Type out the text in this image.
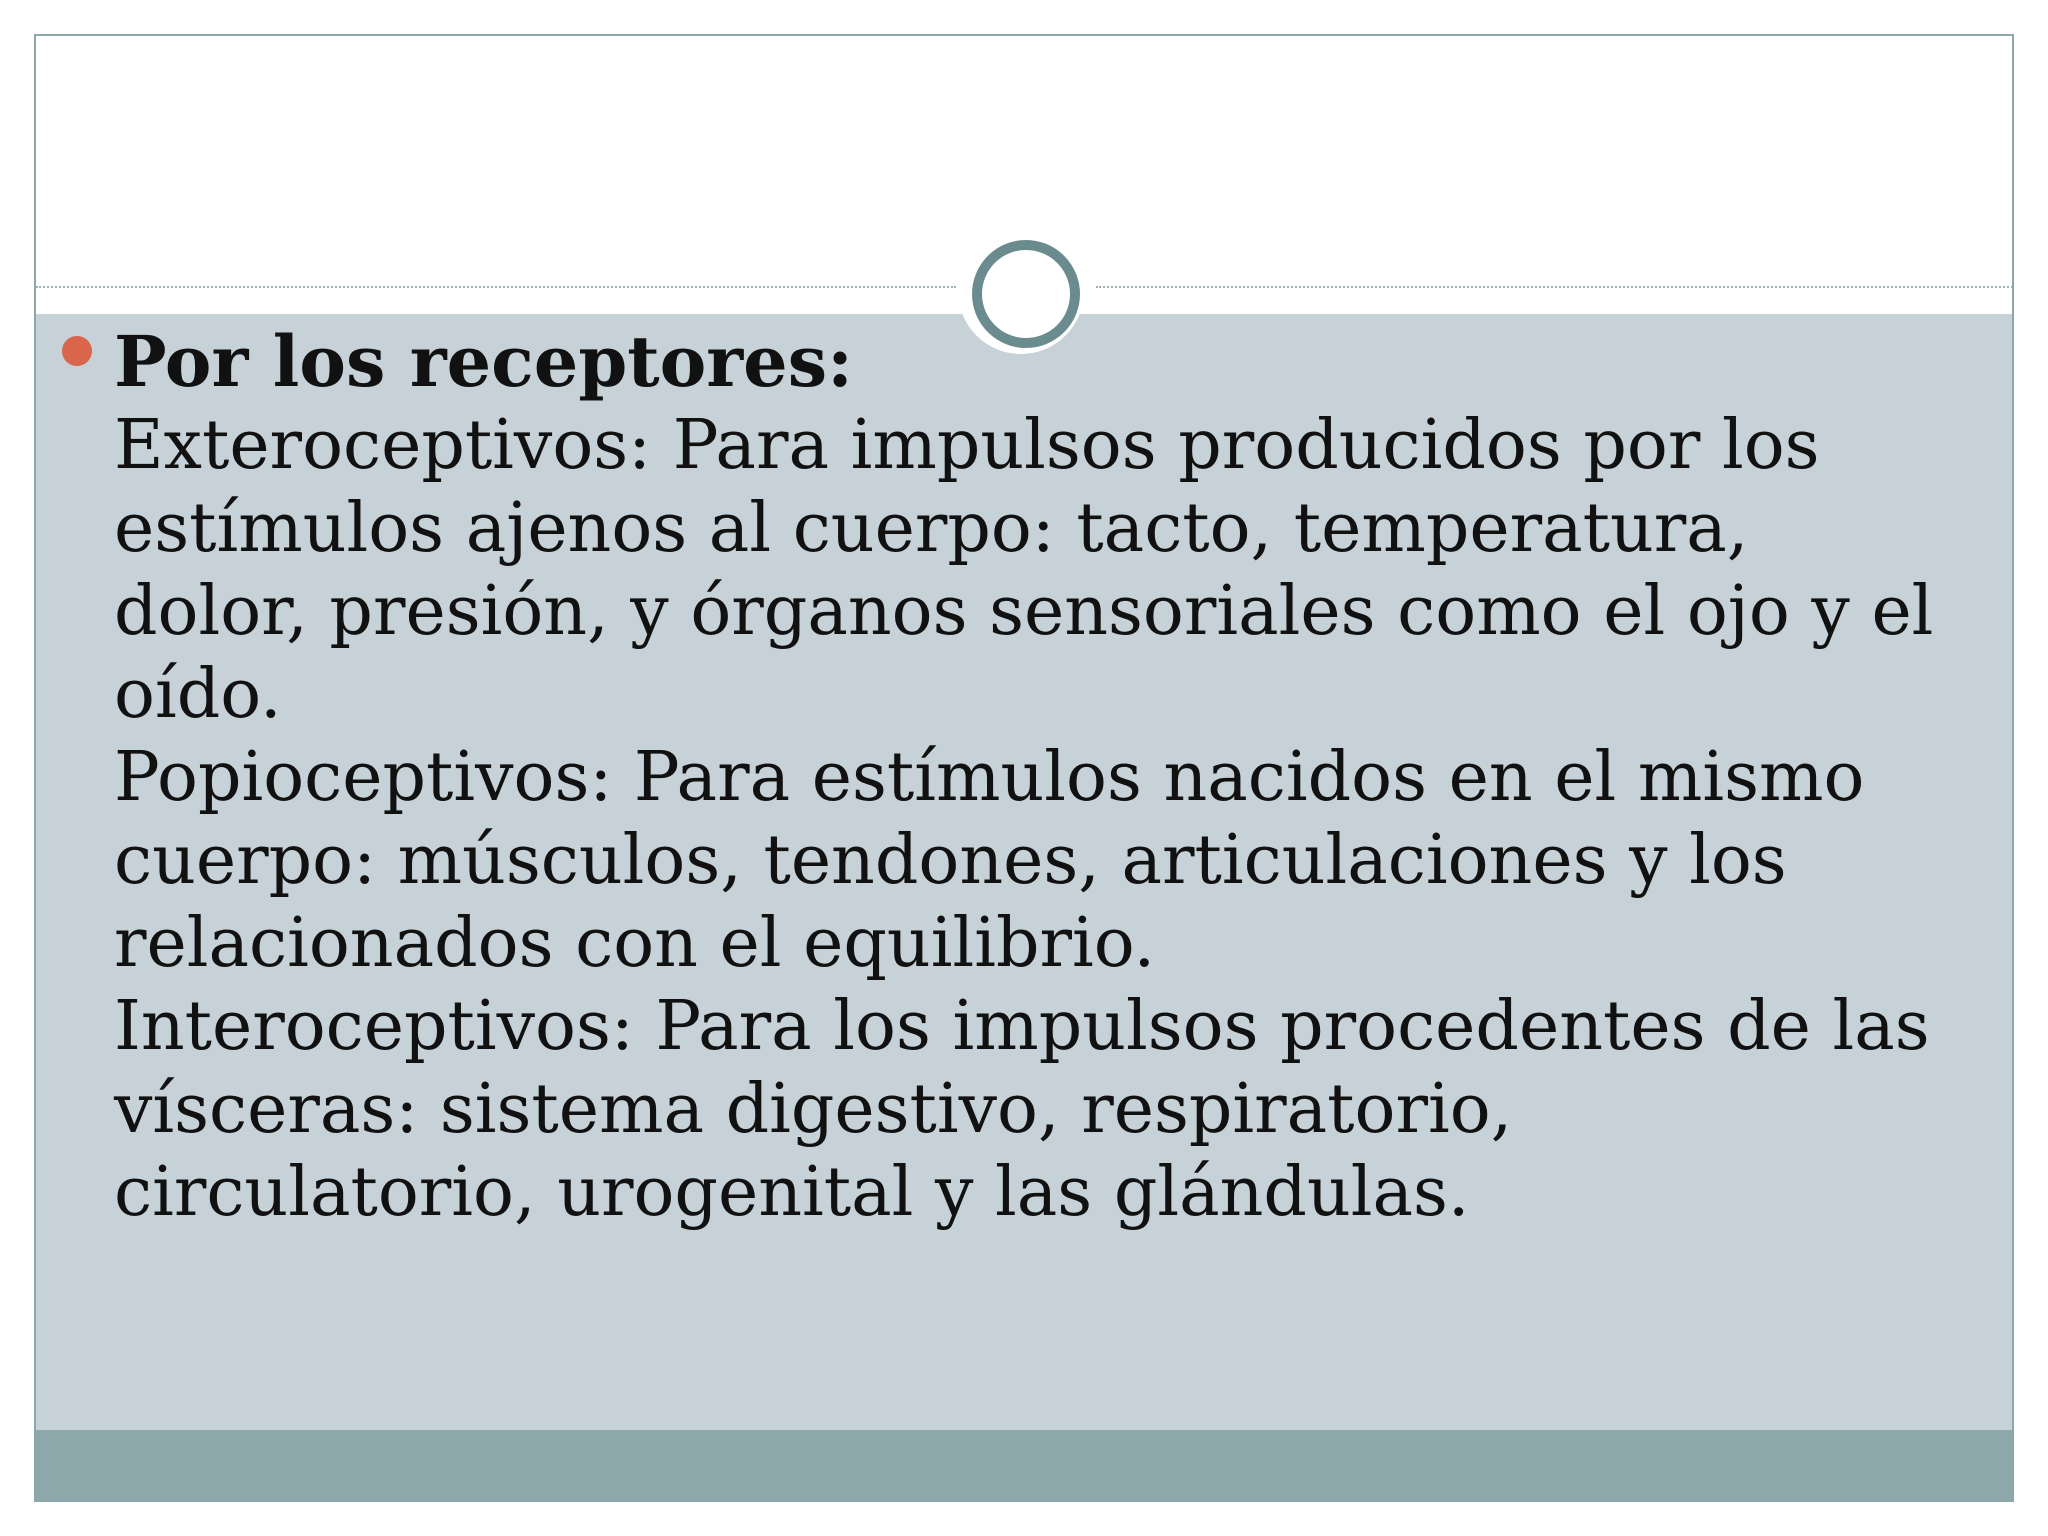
Por los receptores:

Exteroceptivos: Para impulsos producidos por los estímulos ajenos al cuerpo: tacto, temperatura, dolor, presión, y órganos sensoriales como el ojo y el oído.

Popioceptivos: Para estímulos nacidos en el mismo cuerpo: músculos, tendones, articulaciones y los relacionados con el equilibrio.

Interoceptivos: Para los impulsos procedentes de las vísceras: sistema digestivo, respiratorio, circulatorio, urogenital y las glándulas.
